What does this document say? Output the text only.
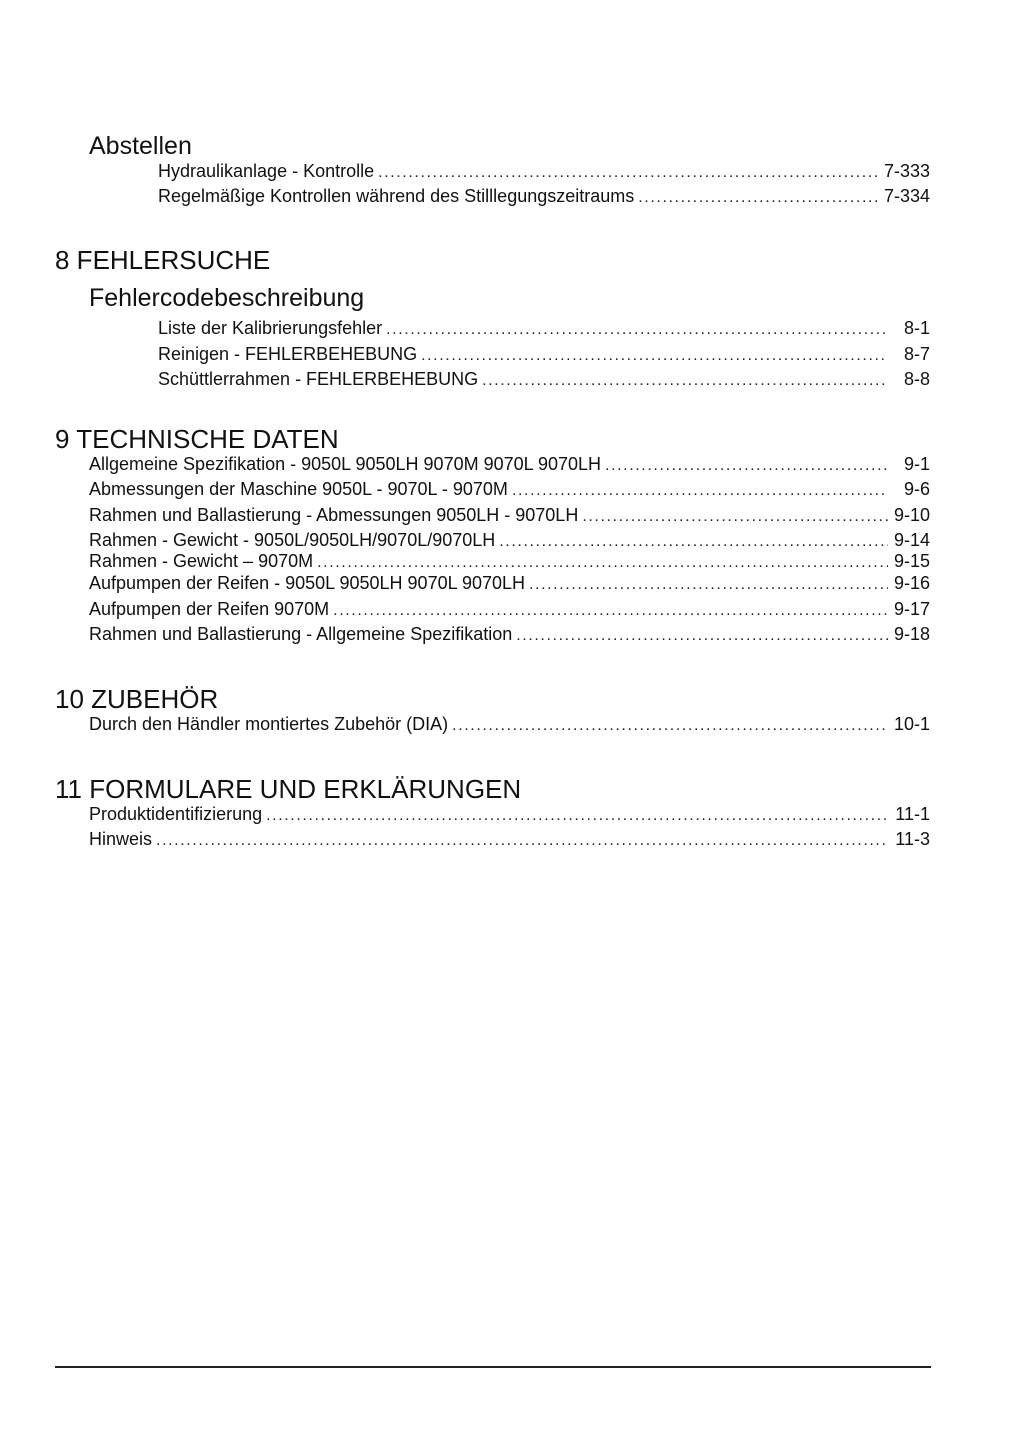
Abstellen
Hydraulikanlage - Kontrolle .....	7-333
Regelmäßige Kontrollen während des Stilllegungszeitraums .....	7-334
8 FEHLERSUCHE
Fehlercodebeschreibung
Liste der Kalibrierungsfehler .....	8-1
Reinigen - FEHLERBEHEBUNG .....	8-7
Schüttlerrahmen - FEHLERBEHEBUNG .....	8-8
9 TECHNISCHE DATEN
Allgemeine Spezifikation - 9050L 9050LH 9070M 9070L 9070LH .....	9-1
Abmessungen der Maschine 9050L - 9070L - 9070M .....	9-6
Rahmen und Ballastierung - Abmessungen 9050LH - 9070LH .....	9-10
Rahmen - Gewicht - 9050L/9050LH/9070L/9070LH .....	9-14
Rahmen - Gewicht – 9070M .....	9-15
Aufpumpen der Reifen - 9050L 9050LH 9070L 9070LH .....	9-16
Aufpumpen der Reifen 9070M .....	9-17
Rahmen und Ballastierung - Allgemeine Spezifikation .....	9-18
10 ZUBEHÖR
Durch den Händler montiertes Zubehör (DIA) .....	10-1
11 FORMULARE UND ERKLÄRUNGEN
Produktidentifizierung .....	11-1
Hinweis .....	11-3
